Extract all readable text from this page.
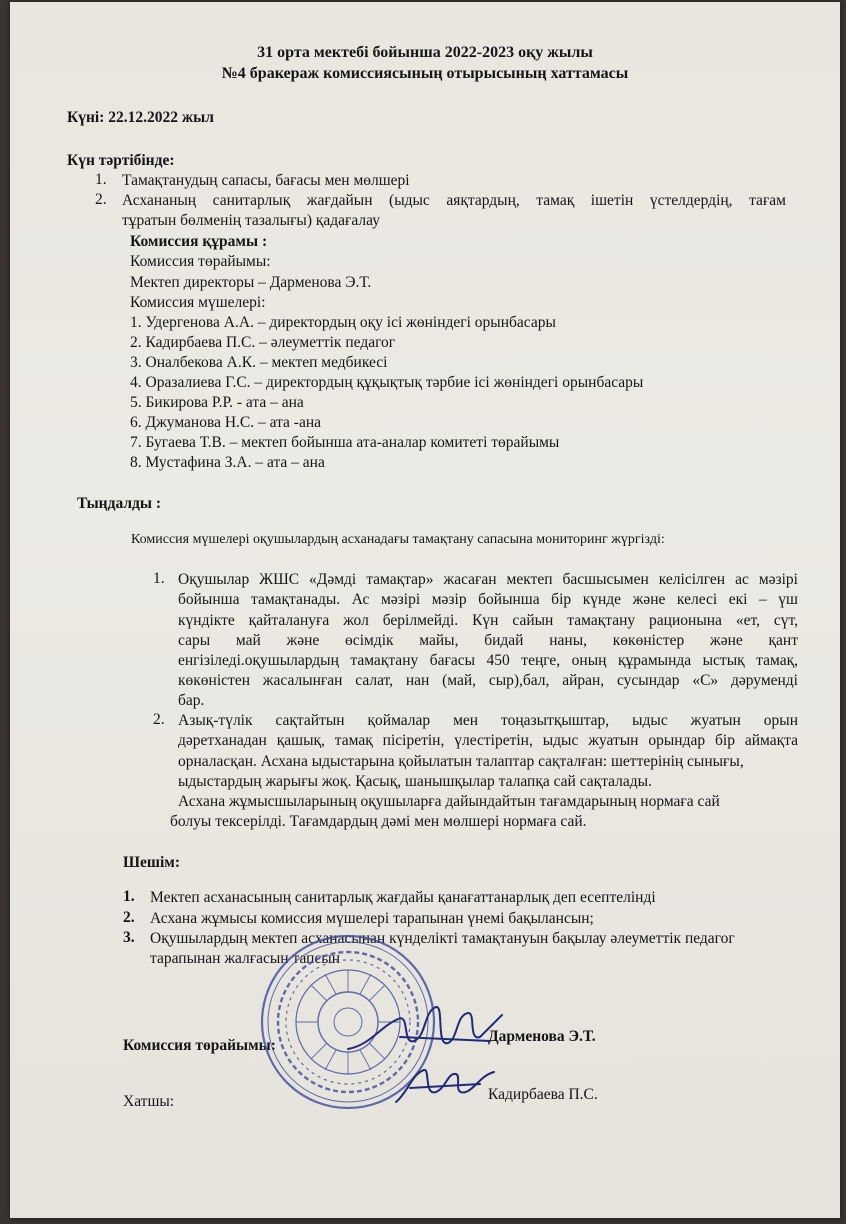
31 орта мектебі бойынша 2022-2023 оқу жылы
№4 бракераж комиссиясының отырысының хаттамасы
Күні: 22.12.2022 жыл
Күн тәртібінде:
1. Тамақтанудың сапасы, бағасы мен мөлшері
2. Асхананың санитарлық жағдайын (ыдыс аяқтардың, тамақ ішетін үстелдердің, тағам
тұратын бөлменің тазалығы) қадағалау
Комиссия құрамы :
Комиссия төрайымы:
Мектеп директоры – Дарменова Э.Т.
Комиссия мүшелері:
1. Удергенова А.А. – директордың оқу ісі жөніндегі орынбасары
2. Кадирбаева П.С. – әлеуметтік педагог
3. Оналбекова А.К. – мектеп медбикесі
4. Оразалиева Г.С. – директордың құқықтық тәрбие ісі жөніндегі орынбасары
5. Бикирова Р.Р. - ата – ана
6. Джуманова Н.С. – ата -ана
7. Бугаева Т.В. – мектеп бойынша ата-аналар комитеті төрайымы
8. Мустафина З.А. – ата – ана
Тыңдалды :
Комиссия мүшелері оқушылардың асханадағы тамақтану сапасына мониторинг жүргізді:
1. Оқушылар ЖШС «Дәмді тамақтар» жасаған мектеп басшысымен келісілген ас мәзірі
бойынша тамақтанады. Ас мәзірі мәзір бойынша бір күнде және келесі екі – үш
күндікте қайталануға жол берілмейді. Күн сайын тамақтану рационына «ет, сүт,
сары май және өсімдік майы, бидай наны, көкөністер және қант
енгізіледі.оқушылардың тамақтану бағасы 450 теңге, оның құрамында ыстық тамақ,
көкөністен жасалынған салат, нан (май, сыр),бал, айран, сусындар «С» дәруменді
бар.
2. Азық-түлік сақтайтын қоймалар мен тоңазытқыштар, ыдыс жуатын орын
дәретханадан қашық, тамақ пісіретін, үлестіретін, ыдыс жуатын орындар бір аймақта
орналасқан. Асхана ыдыстарына қойылатын талаптар сақталған: шеттерінің сынығы,
ыдыстардың жарығы жоқ. Қасық, шанышқылар талапқа сай сақталады.
Асхана жұмысшыларының оқушыларға дайындайтын тағамдарының нормаға сай
болуы тексерілді. Тағамдардың дәмі мен мөлшері нормаға сай.
Шешім:
1. Мектеп асханасының санитарлық жағдайы қанағаттанарлық деп есептелінді
2. Асхана жұмысы комиссия мүшелері тарапынан үнемі бақылансын;
3. Оқушылардың мектеп асханасынан күнделікті тамақтануын бақылау әлеуметтік педагог
тарапынан жалғасын тапсын
Комиссия төрайымы:
Дарменова Э.Т.
Хатшы:	Кадирбаева П.С.
